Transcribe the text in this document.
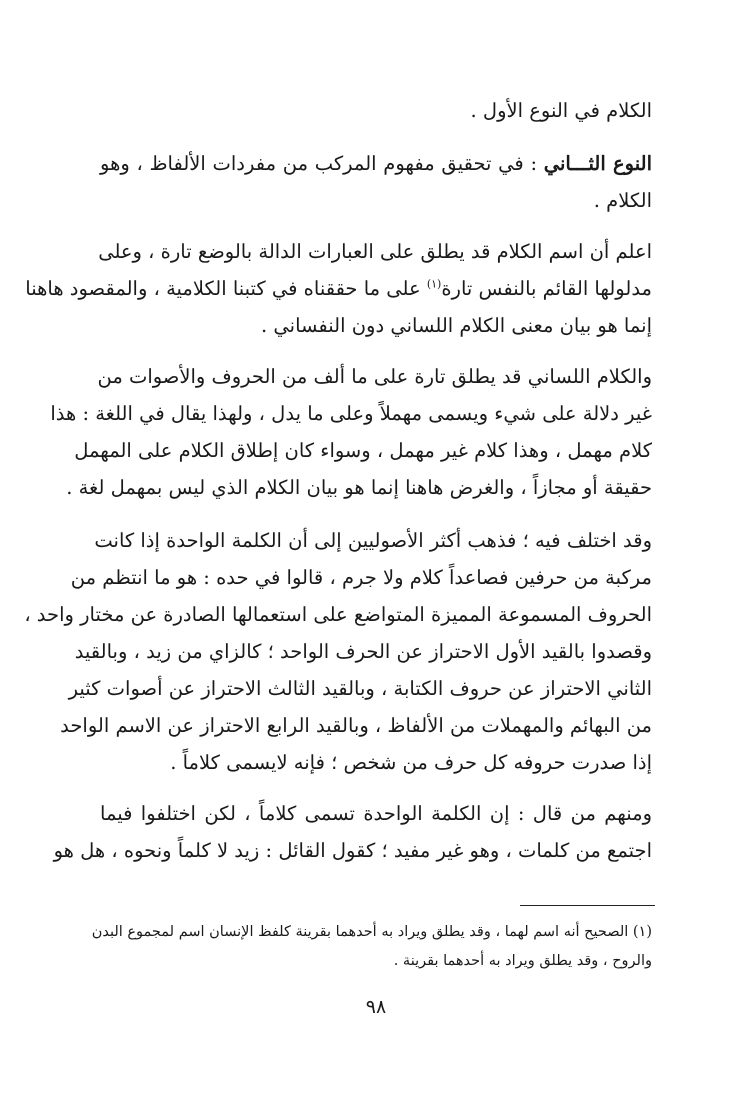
الكلام في النوع الأول .
النوع الثـــاني : في تحقيق مفهوم المركب من مفردات الألفاظ ، وهو
الكلام .
اعلم أن اسم الكلام قد يطلق على العبارات الدالة بالوضع تارة ، وعلى
مدلولها القائم بالنفس تارة$^{(١)}$ على ما حققناه في كتبنا الكلامية ، والمقصود هاهنا
إنما هو بيان معنى الكلام اللساني دون النفساني .
والكلام اللساني قد يطلق تارة على ما ألف من الحروف والأصوات من
غير دلالة على شيء ويسمى مهملاً وعلى ما يدل ، ولهذا يقال في اللغة : هذا
كلام مهمل ، وهذا كلام غير مهمل ، وسواء كان إطلاق الكلام على المهمل
حقيقة أو مجازاً ، والغرض هاهنا إنما هو بيان الكلام الذي ليس بمهمل لغة .
وقد اختلف فيه ؛ فذهب أكثر الأصوليين إلى أن الكلمة الواحدة إذا كانت
مركبة من حرفين فصاعداً كلام ولا جرم ، قالوا في حده : هو ما انتظم من
الحروف المسموعة المميزة المتواضع على استعمالها الصادرة عن مختار واحد ،
وقصدوا بالقيد الأول الاحتراز عن الحرف الواحد ؛ كالزاي من زيد ، وبالقيد
الثاني الاحتراز عن حروف الكتابة ، وبالقيد الثالث الاحتراز عن أصوات كثير
من البهائم والمهملات من الألفاظ ، وبالقيد الرابع الاحتراز عن الاسم الواحد
إذا صدرت حروفه كل حرف من شخص ؛ فإنه لايسمى كلاماً .
ومنهم من قال : إن الكلمة الواحدة تسمى كلاماً ، لكن اختلفوا فيما
اجتمع من كلمات ، وهو غير مفيد ؛ كقول القائل : زيد لا كلماً ونحوه ، هل هو
(١) الصحيح أنه اسم لهما ، وقد يطلق ويراد به أحدهما بقرينة كلفظ الإنسان اسم لمجموع البدن
والروح ، وقد يطلق ويراد به أحدهما بقرينة .
٩٨
